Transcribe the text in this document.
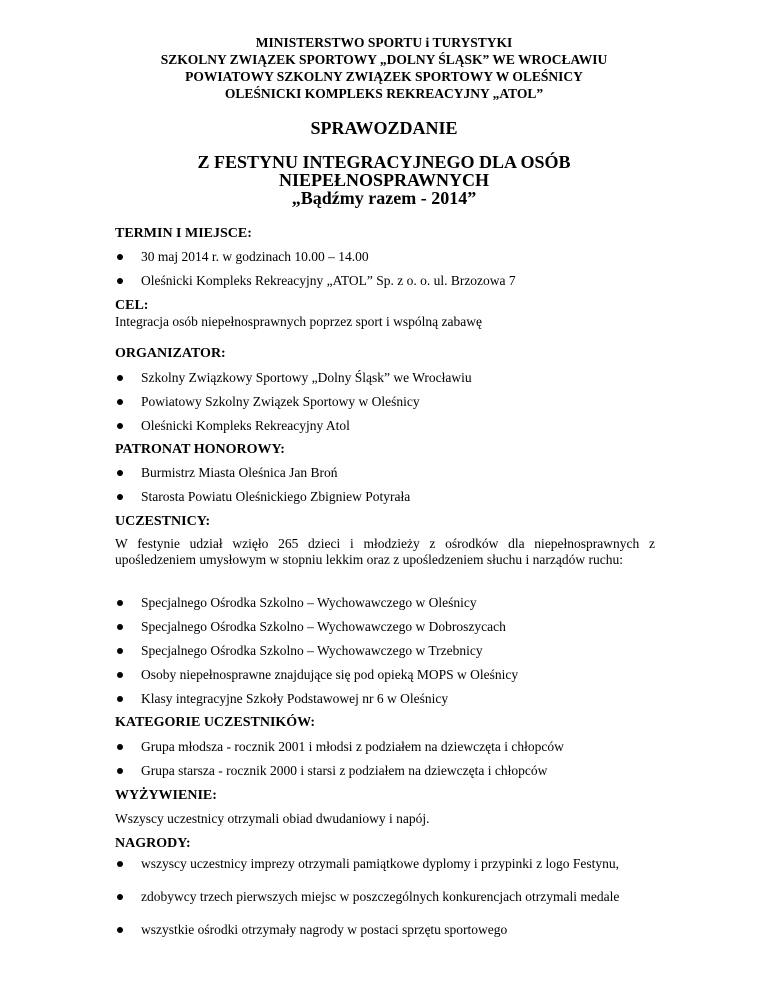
MINISTERSTWO SPORTU i TURYSTYKI
SZKOLNY ZWIĄZEK SPORTOWY „DOLNY ŚLĄSK” WE WROCŁAWIU
POWIATOWY SZKOLNY ZWIĄZEK SPORTOWY W OLEŚNICY
OLEŚNICKI KOMPLEKS REKREACYJNY „ATOL”
SPRAWOZDANIE
Z FESTYNU INTEGRACYJNEGO DLA OSÓB
NIEPEŁNOSPRAWNYCH
„Bądźmy razem - 2014”
TERMIN I MIEJSCE:
30 maj 2014 r. w godzinach 10.00 – 14.00
Oleśnicki Kompleks Rekreacyjny „ATOL” Sp. z o. o. ul. Brzozowa 7
CEL:
Integracja osób niepełnosprawnych poprzez sport i wspólną zabawę
ORGANIZATOR:
Szkolny Związkowy Sportowy „Dolny Śląsk” we Wrocławiu
Powiatowy Szkolny Związek Sportowy w Oleśnicy
Oleśnicki Kompleks Rekreacyjny Atol
PATRONAT HONOROWY:
Burmistrz Miasta Oleśnica Jan Broń
Starosta Powiatu Oleśnickiego Zbigniew Potyrała
UCZESTNICY:
W festynie udział wzięło 265 dzieci i młodzieży z ośrodków dla niepełnosprawnych z upośledzeniem umysłowym w stopniu lekkim oraz z upośledzeniem słuchu i narządów ruchu:
Specjalnego Ośrodka Szkolno – Wychowawczego w Oleśnicy
Specjalnego Ośrodka Szkolno – Wychowawczego w Dobroszycach
Specjalnego Ośrodka Szkolno – Wychowawczego w Trzebnicy
Osoby niepełnosprawne znajdujące się pod opieką MOPS w Oleśnicy
Klasy integracyjne Szkoły Podstawowej nr 6 w Oleśnicy
KATEGORIE UCZESTNIKÓW:
Grupa młodsza - rocznik 2001 i młodsi z podziałem na dziewczęta i chłopców
Grupa starsza - rocznik 2000 i starsi z podziałem na dziewczęta i chłopców
WYŻYWIENIE:
Wszyscy uczestnicy otrzymali obiad dwudaniowy i napój.
NAGRODY:
wszyscy uczestnicy imprezy otrzymali pamiątkowe dyplomy i przypinki z logo Festynu,
zdobywcy trzech pierwszych miejsc w poszczególnych konkurencjach otrzymali medale
wszystkie ośrodki otrzymały nagrody w postaci sprzętu sportowego
